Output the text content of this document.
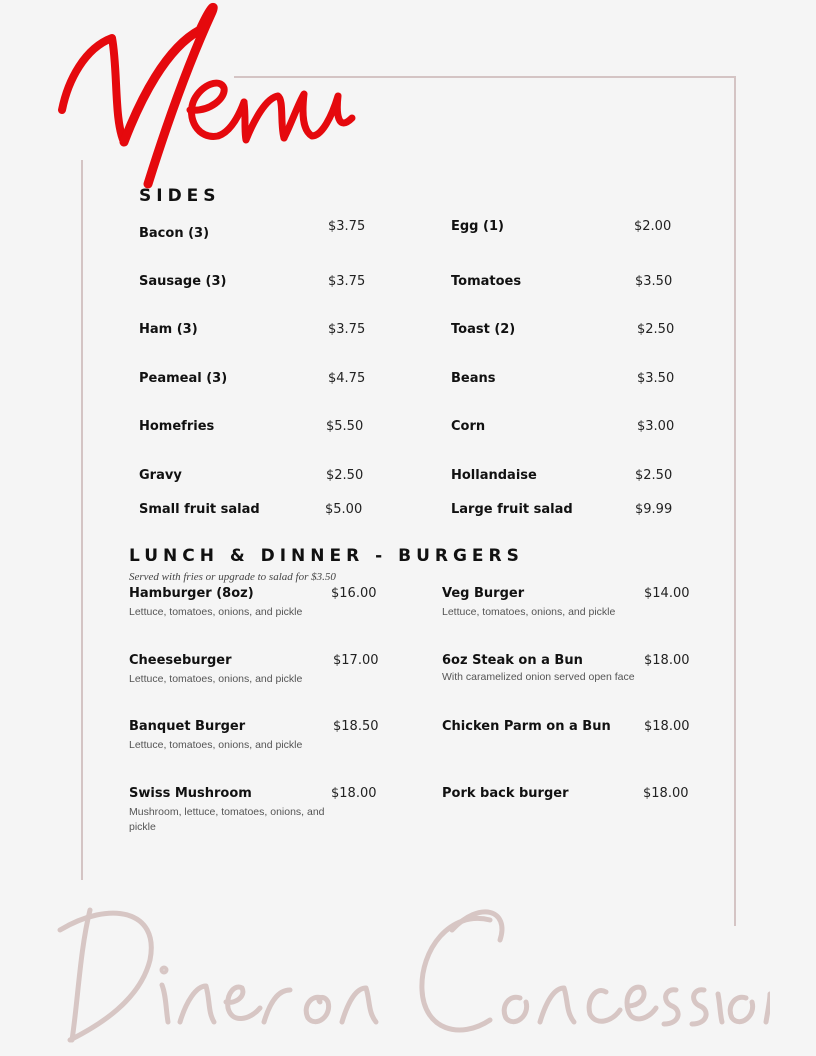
SIDES
Bacon (3)	$3.75
Sausage (3)	$3.75
Ham (3)	$3.75
Peameal (3)	$4.75
Homefries	$5.50
Gravy	$2.50
Small fruit salad	$5.00
Egg (1)	$2.00
Tomatoes	$3.50
Toast (2)	$2.50
Beans	$3.50
Corn	$3.00
Hollandaise	$2.50
Large fruit salad	$9.99
LUNCH & DINNER - BURGERS
Served with fries or upgrade to salad for $3.50
Hamburger (8oz)	$16.00
Lettuce, tomatoes, onions, and pickle
Cheeseburger	$17.00
Lettuce, tomatoes, onions, and pickle
Banquet Burger	$18.50
Lettuce, tomatoes, onions, and pickle
Swiss Mushroom	$18.00
Mushroom, lettuce, tomatoes, onions, and pickle
Veg Burger	$14.00
Lettuce, tomatoes, onions, and pickle
6oz Steak on a Bun	$18.00
With caramelized onion served open face
Chicken Parm on a Bun	$18.00
Pork back burger	$18.00
